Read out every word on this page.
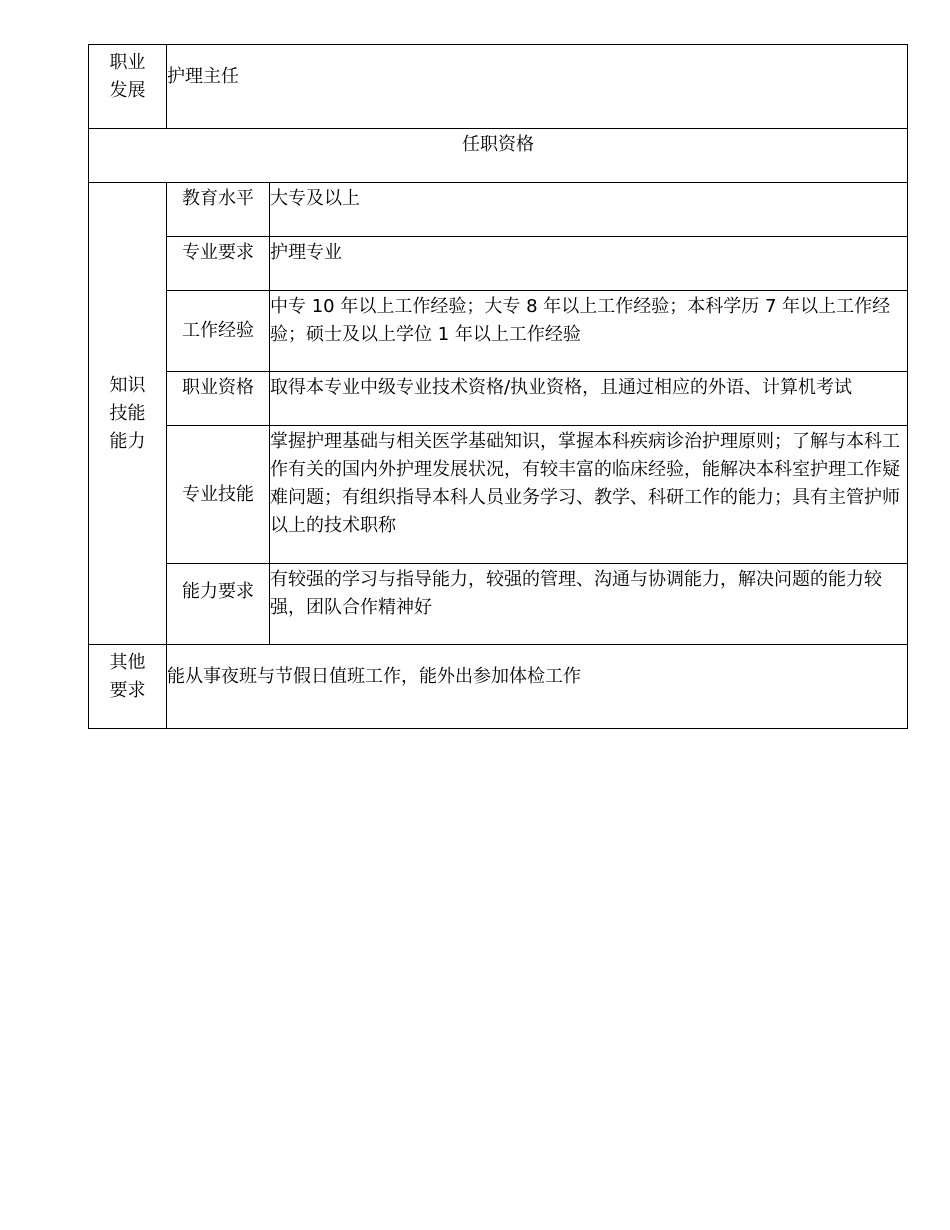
职业
发展	护理主任	
任职资格		

知识
技能
能力	教育水平	大专及以上
	专业要求	护理专业
	工作经验	中专 10 年以上工作经验；大专 8 年以上工作经验；本科学历 7 年以上工作经验；硕士及以上学位 1 年以上工作经验
	职业资格	取得本专业中级专业技术资格/执业资格，且通过相应的外语、计算机考试
	专业技能	掌握护理基础与相关医学基础知识，掌握本科疾病诊治护理原则；了解与本科工作有关的国内外护理发展状况，有较丰富的临床经验，能解决本科室护理工作疑难问题；有组织指导本科人员业务学习、教学、科研工作的能力；具有主管护师以上的技术职称
	能力要求	有较强的学习与指导能力，较强的管理、沟通与协调能力，解决问题的能力较强，团队合作精神好

其他
要求	能从事夜班与节假日值班工作，能外出参加体检工作	
